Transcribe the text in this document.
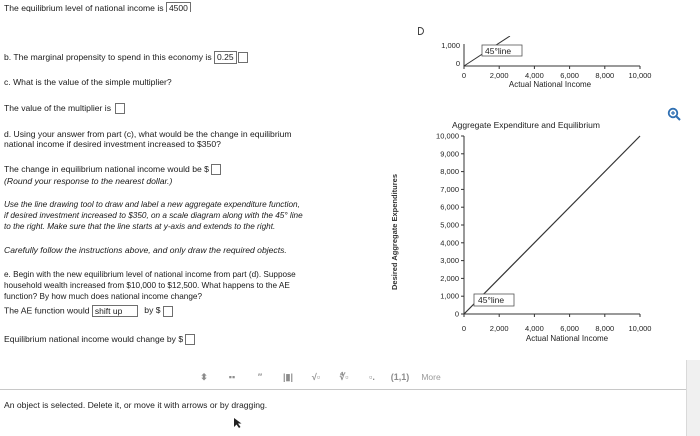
The equilibrium level of national income is 4500
b. The marginal propensity to spend in this economy is 0.25
c. What is the value of the simple multiplier?
The value of the multiplier is
d. Using your answer from part (c), what would be the change in equilibrium
national income if desired investment increased to $350?
The change in equilibrium national income would be $
(Round your response to the nearest dollar.)
Use the line drawing tool to draw and label a new aggregate expenditure function,
if desired investment increased to $350, on a scale diagram along with the 45° line
to the right. Make sure that the line starts at y-axis and extends to the right.
Carefully follow the instructions above, and only draw the required objects.
e. Begin with the new equilibrium level of national income from part (d). Suppose
household wealth increased from $10,000 to $12,500. What happens to the AE
function? By how much does national income change?
The AE function would shift up	by $
Equilibrium national income would change by $
1,000
0
45°line
0	2,000 4,000 6,000 8,000 10,000
Actual National Income
Aggregate Expenditure and Equilibrium
Desired Aggregate Expenditures
0
1,000
2,000
3,000
4,000
5,000
6,000
7,000
8,000
9,000
10,000
0	2,000 4,000 6,000 8,000 10,000
45°line
Actual National Income
⬍	▪▪	′′	|▮|	√▫	∜▫	▫.	(1,1)	More
An object is selected. Delete it, or move it with arrows or by dragging.
